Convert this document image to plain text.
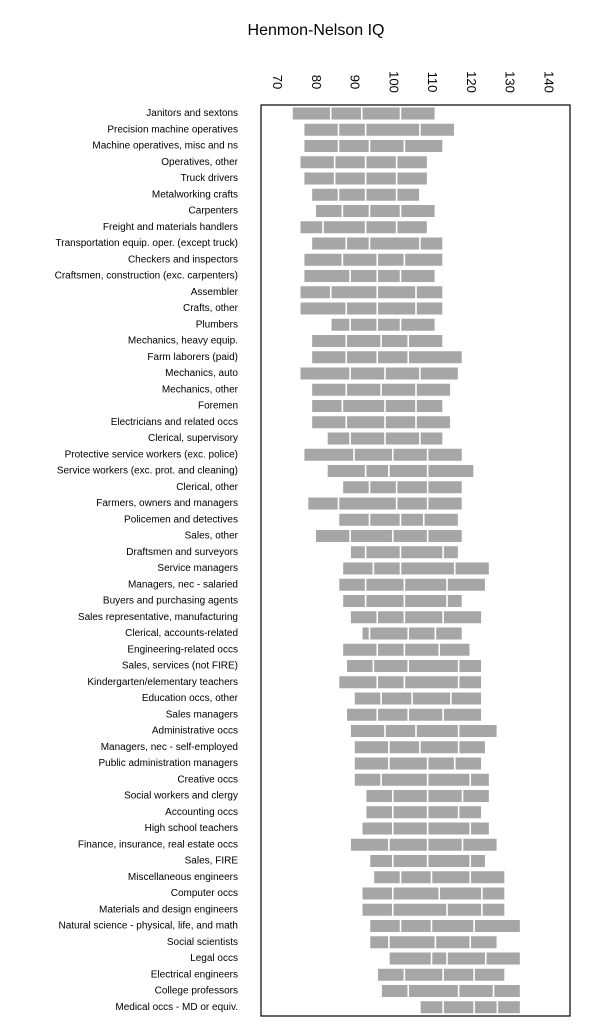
Henmon-Nelson IQ
70 80 90 100 110 120 130 140
Janitors and sextons
Precision machine operatives
Machine operatives, misc and ns
Operatives, other
Truck drivers
Metalworking crafts
Carpenters
Freight and materials handlers
Transportation equip. oper. (except truck)
Checkers and inspectors
Craftsmen, construction (exc. carpenters)
Assembler
Crafts, other
Plumbers
Mechanics, heavy equip.
Farm laborers (paid)
Mechanics, auto
Mechanics, other
Foremen
Electricians and related occs
Clerical, supervisory
Protective service workers (exc. police)
Service workers (exc. prot. and cleaning)
Clerical, other
Farmers, owners and managers
Policemen and detectives
Sales, other
Draftsmen and surveyors
Service managers
Managers, nec - salaried
Buyers and purchasing agents
Sales representative, manufacturing
Clerical, accounts-related
Engineering-related occs
Sales, services (not FIRE)
Kindergarten/elementary teachers
Education occs, other
Sales managers
Administrative occs
Managers, nec - self-employed
Public administration managers
Creative occs
Social workers and clergy
Accounting occs
High school teachers
Finance, insurance, real estate occs
Sales, FIRE
Miscellaneous engineers
Computer occs
Materials and design engineers
Natural science - physical, life, and math
Social scientists
Legal occs
Electrical engineers
College professors
Medical occs - MD or equiv.
